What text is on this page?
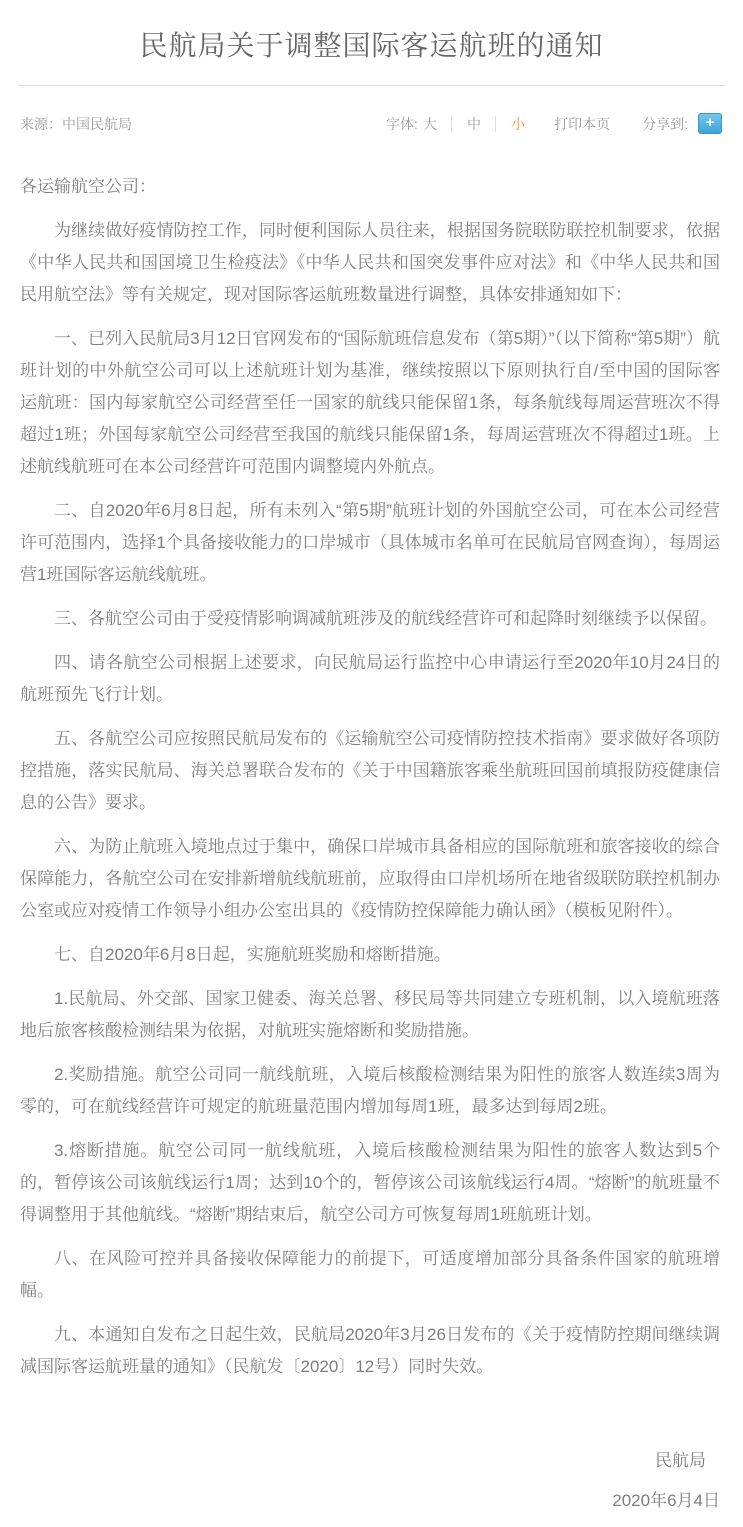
民航局关于调整国际客运航班的通知
来源：中国民航局	字体: 大 │ 中 │ 小 打印本页 分享到:	+

各运输航空公司：

为继续做好疫情防控工作，同时便利国际人员往来，根据国务院联防联控机制要求，依据《中华人民共和国国境卫生检疫法》《中华人民共和国突发事件应对法》和《中华人民共和国民用航空法》等有关规定，现对国际客运航班数量进行调整，具体安排通知如下：

一、已列入民航局3月12日官网发布的“国际航班信息发布（第5期）”（以下简称“第5期”）航班计划的中外航空公司可以上述航班计划为基准，继续按照以下原则执行自/至中国的国际客运航班：国内每家航空公司经营至任一国家的航线只能保留1条，每条航线每周运营班次不得超过1班；外国每家航空公司经营至我国的航线只能保留1条，每周运营班次不得超过1班。上述航线航班可在本公司经营许可范围内调整境内外航点。

二、自2020年6月8日起，所有未列入“第5期”航班计划的外国航空公司，可在本公司经营许可范围内，选择1个具备接收能力的口岸城市（具体城市名单可在民航局官网查询），每周运营1班国际客运航线航班。

三、各航空公司由于受疫情影响调减航班涉及的航线经营许可和起降时刻继续予以保留。

四、请各航空公司根据上述要求，向民航局运行监控中心申请运行至2020年10月24日的航班预先飞行计划。

五、各航空公司应按照民航局发布的《运输航空公司疫情防控技术指南》要求做好各项防控措施，落实民航局、海关总署联合发布的《关于中国籍旅客乘坐航班回国前填报防疫健康信息的公告》要求。

六、为防止航班入境地点过于集中，确保口岸城市具备相应的国际航班和旅客接收的综合保障能力，各航空公司在安排新增航线航班前，应取得由口岸机场所在地省级联防联控机制办公室或应对疫情工作领导小组办公室出具的《疫情防控保障能力确认函》（模板见附件）。

七、自2020年6月8日起，实施航班奖励和熔断措施。

1.民航局、外交部、国家卫健委、海关总署、移民局等共同建立专班机制，以入境航班落地后旅客核酸检测结果为依据，对航班实施熔断和奖励措施。

2.奖励措施。航空公司同一航线航班，入境后核酸检测结果为阳性的旅客人数连续3周为零的，可在航线经营许可规定的航班量范围内增加每周1班，最多达到每周2班。

3.熔断措施。航空公司同一航线航班，入境后核酸检测结果为阳性的旅客人数达到5个的，暂停该公司该航线运行1周；达到10个的，暂停该公司该航线运行4周。“熔断”的航班量不得调整用于其他航线。“熔断”期结束后，航空公司方可恢复每周1班航班计划。

八、在风险可控并具备接收保障能力的前提下，可适度增加部分具备条件国家的航班增幅。

九、本通知自发布之日起生效，民航局2020年3月26日发布的《关于疫情防控期间继续调减国际客运航班量的通知》（民航发〔2020〕12号）同时失效。

民航局
2020年6月4日
